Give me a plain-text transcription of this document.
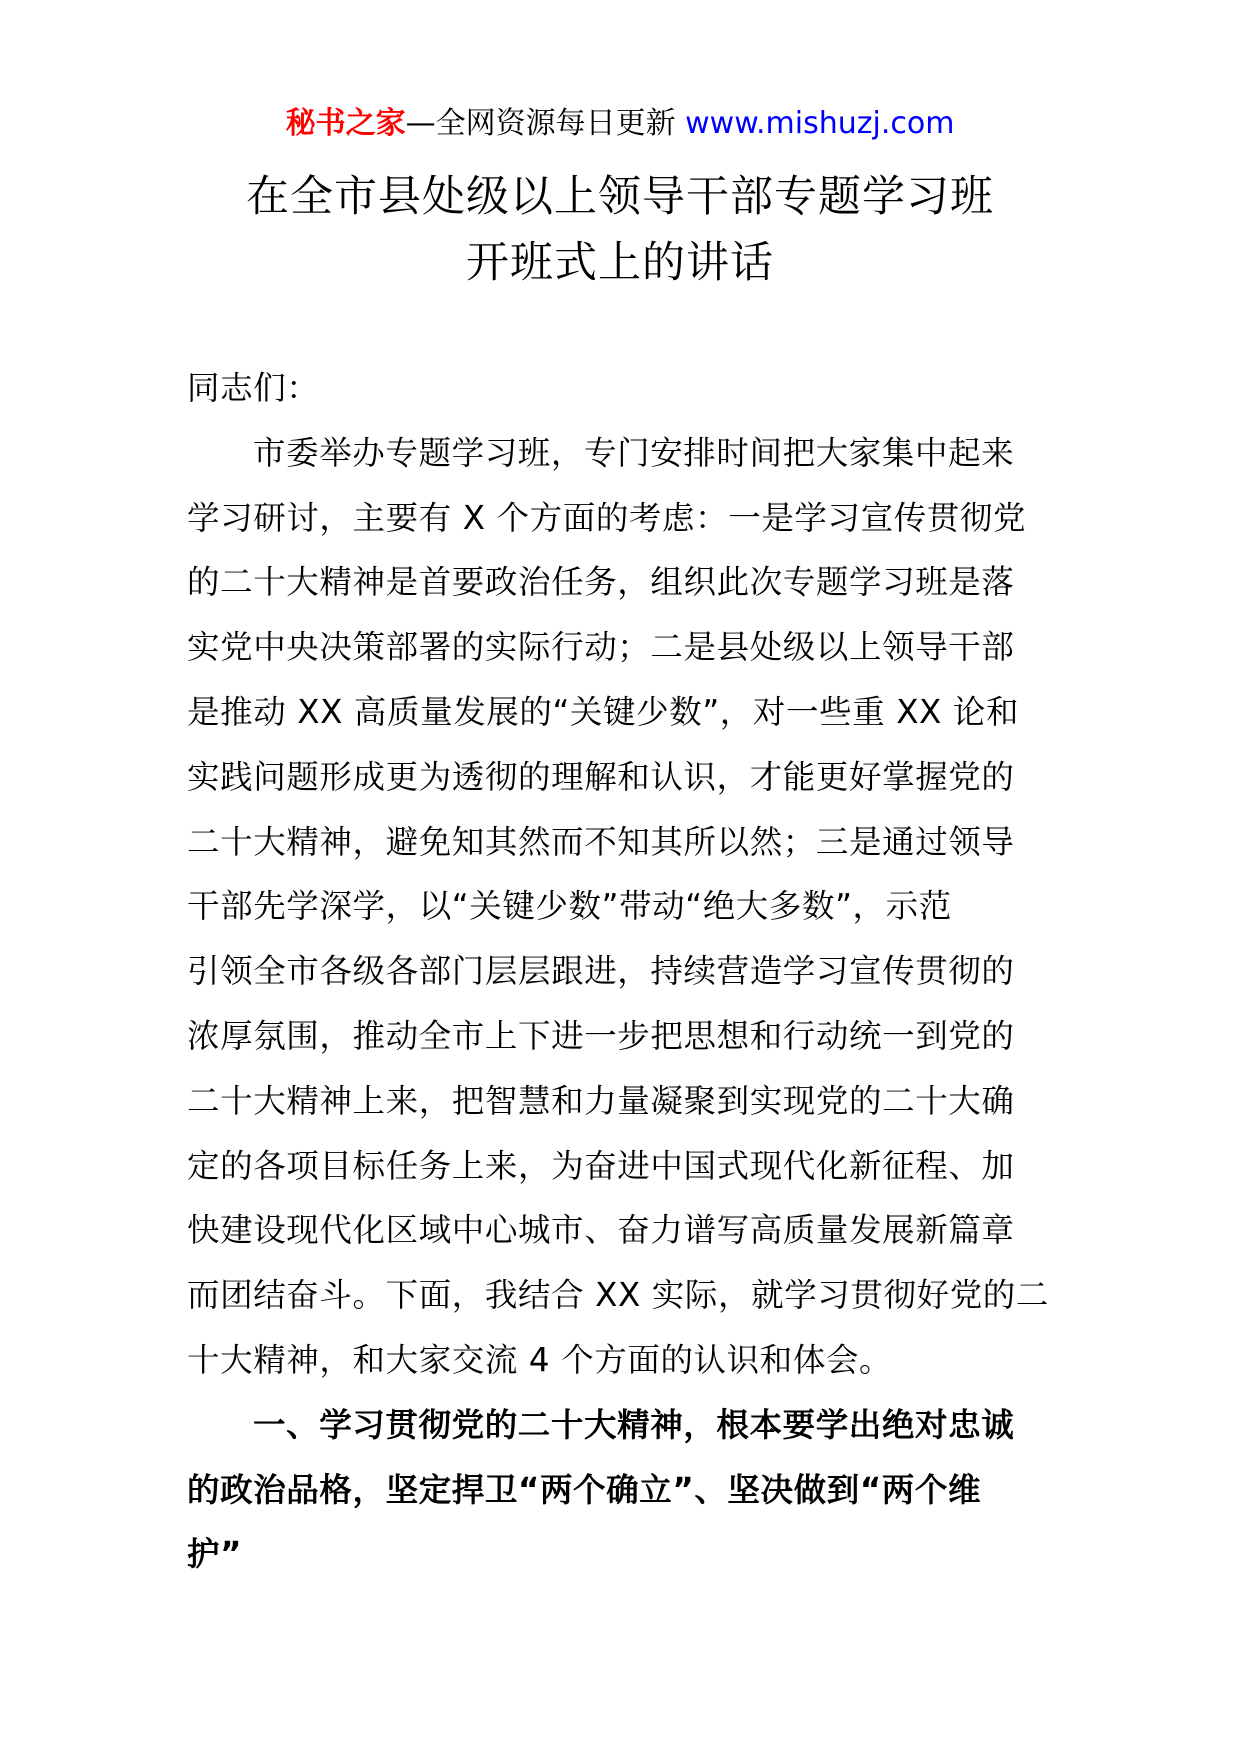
秘书之家—全网资源每日更新 www.mishuzj.com
在全市县处级以上领导干部专题学习班
开班式上的讲话
同志们：
市委举办专题学习班，专门安排时间把大家集中起来
学习研讨，主要有 X 个方面的考虑：一是学习宣传贯彻党
的二十大精神是首要政治任务，组织此次专题学习班是落
实党中央决策部署的实际行动；二是县处级以上领导干部
是推动 XX 高质量发展的“关键少数”，对一些重 XX 论和
实践问题形成更为透彻的理解和认识，才能更好掌握党的
二十大精神，避免知其然而不知其所以然；三是通过领导
干部先学深学，以“关键少数”带动“绝大多数”，示范
引领全市各级各部门层层跟进，持续营造学习宣传贯彻的
浓厚氛围，推动全市上下进一步把思想和行动统一到党的
二十大精神上来，把智慧和力量凝聚到实现党的二十大确
定的各项目标任务上来，为奋进中国式现代化新征程、加
快建设现代化区域中心城市、奋力谱写高质量发展新篇章
而团结奋斗。下面，我结合 XX 实际，就学习贯彻好党的二
十大精神，和大家交流 4 个方面的认识和体会。
一、学习贯彻党的二十大精神，根本要学出绝对忠诚
的政治品格，坚定捍卫“两个确立”、坚决做到“两个维
护”
